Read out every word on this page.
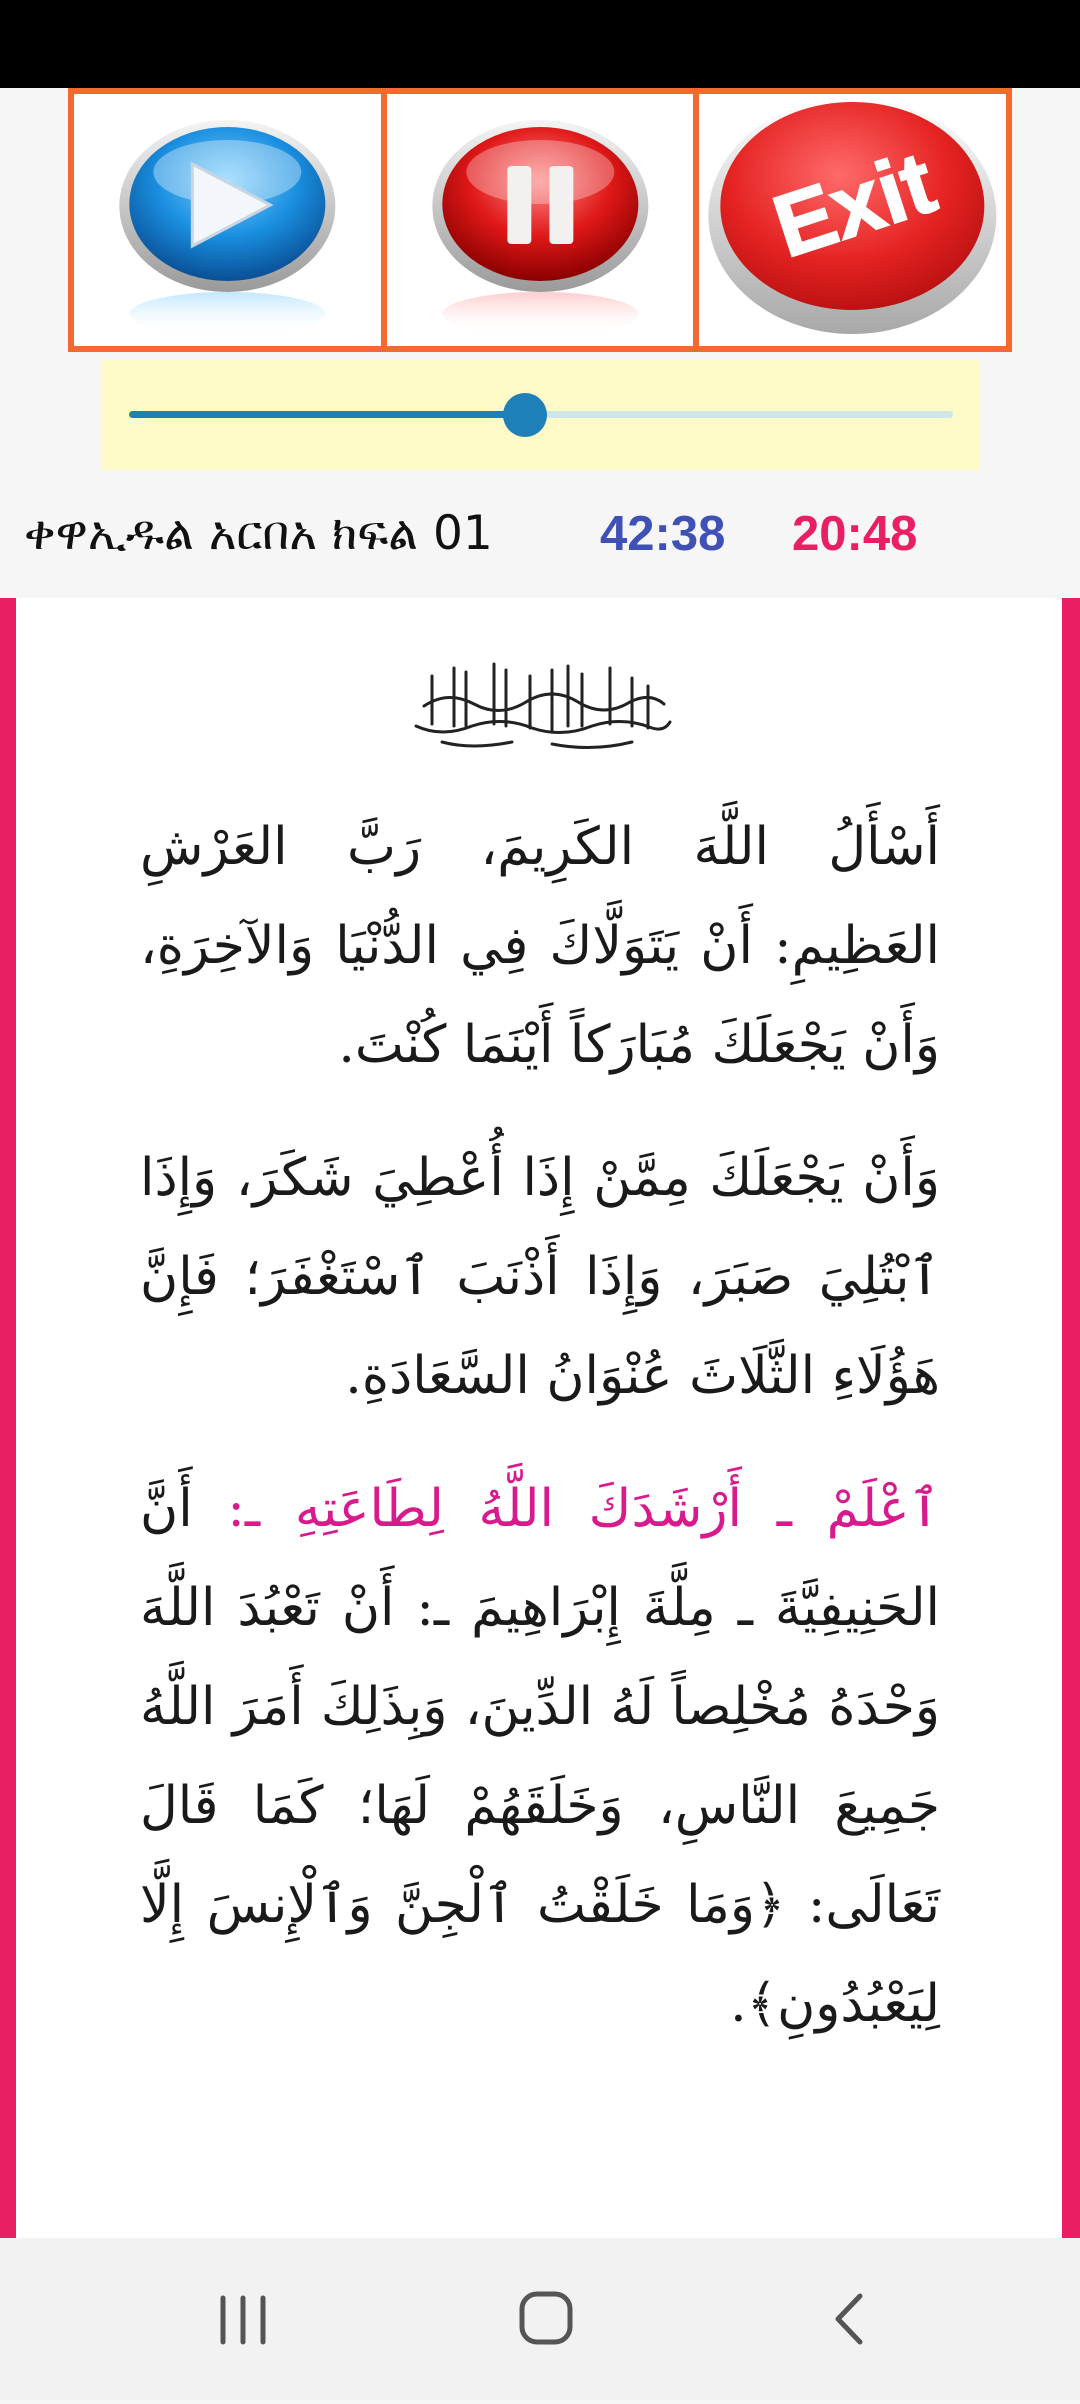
Exit
ቀዋኢዱል አርበአ ክፍል 01 42:38 20:48

أَسْأَلُ اللَّهَ الكَرِيمَ، رَبَّ العَرْشِ العَظِيمِ: أَنْ يَتَوَلَّاكَ فِي الدُّنْيَا وَالآخِرَةِ، وَأَنْ يَجْعَلَكَ مُبَارَكاً أَيْنَمَا كُنْتَ.

وَأَنْ يَجْعَلَكَ مِمَّنْ إِذَا أُعْطِيَ شَكَرَ، وَإِذَا ٱبْتُلِيَ صَبَرَ، وَإِذَا أَذْنَبَ ٱسْتَغْفَرَ؛ فَإِنَّ هَؤُلَاءِ الثَّلَاثَ عُنْوَانُ السَّعَادَةِ.

ٱعْلَمْ ـ أَرْشَدَكَ اللَّهُ لِطَاعَتِهِ ـ: أَنَّ الحَنِيفِيَّةَ ـ مِلَّةَ إِبْرَاهِيمَ ـ: أَنْ تَعْبُدَ اللَّهَ وَحْدَهُ مُخْلِصاً لَهُ الدِّينَ، وَبِذَلِكَ أَمَرَ اللَّهُ جَمِيعَ النَّاسِ، وَخَلَقَهُمْ لَهَا؛ كَمَا قَالَ تَعَالَى: ﴿وَمَا خَلَقْتُ ٱلْجِنَّ وَٱلْإِنسَ إِلَّا لِيَعْبُدُونِ﴾.
